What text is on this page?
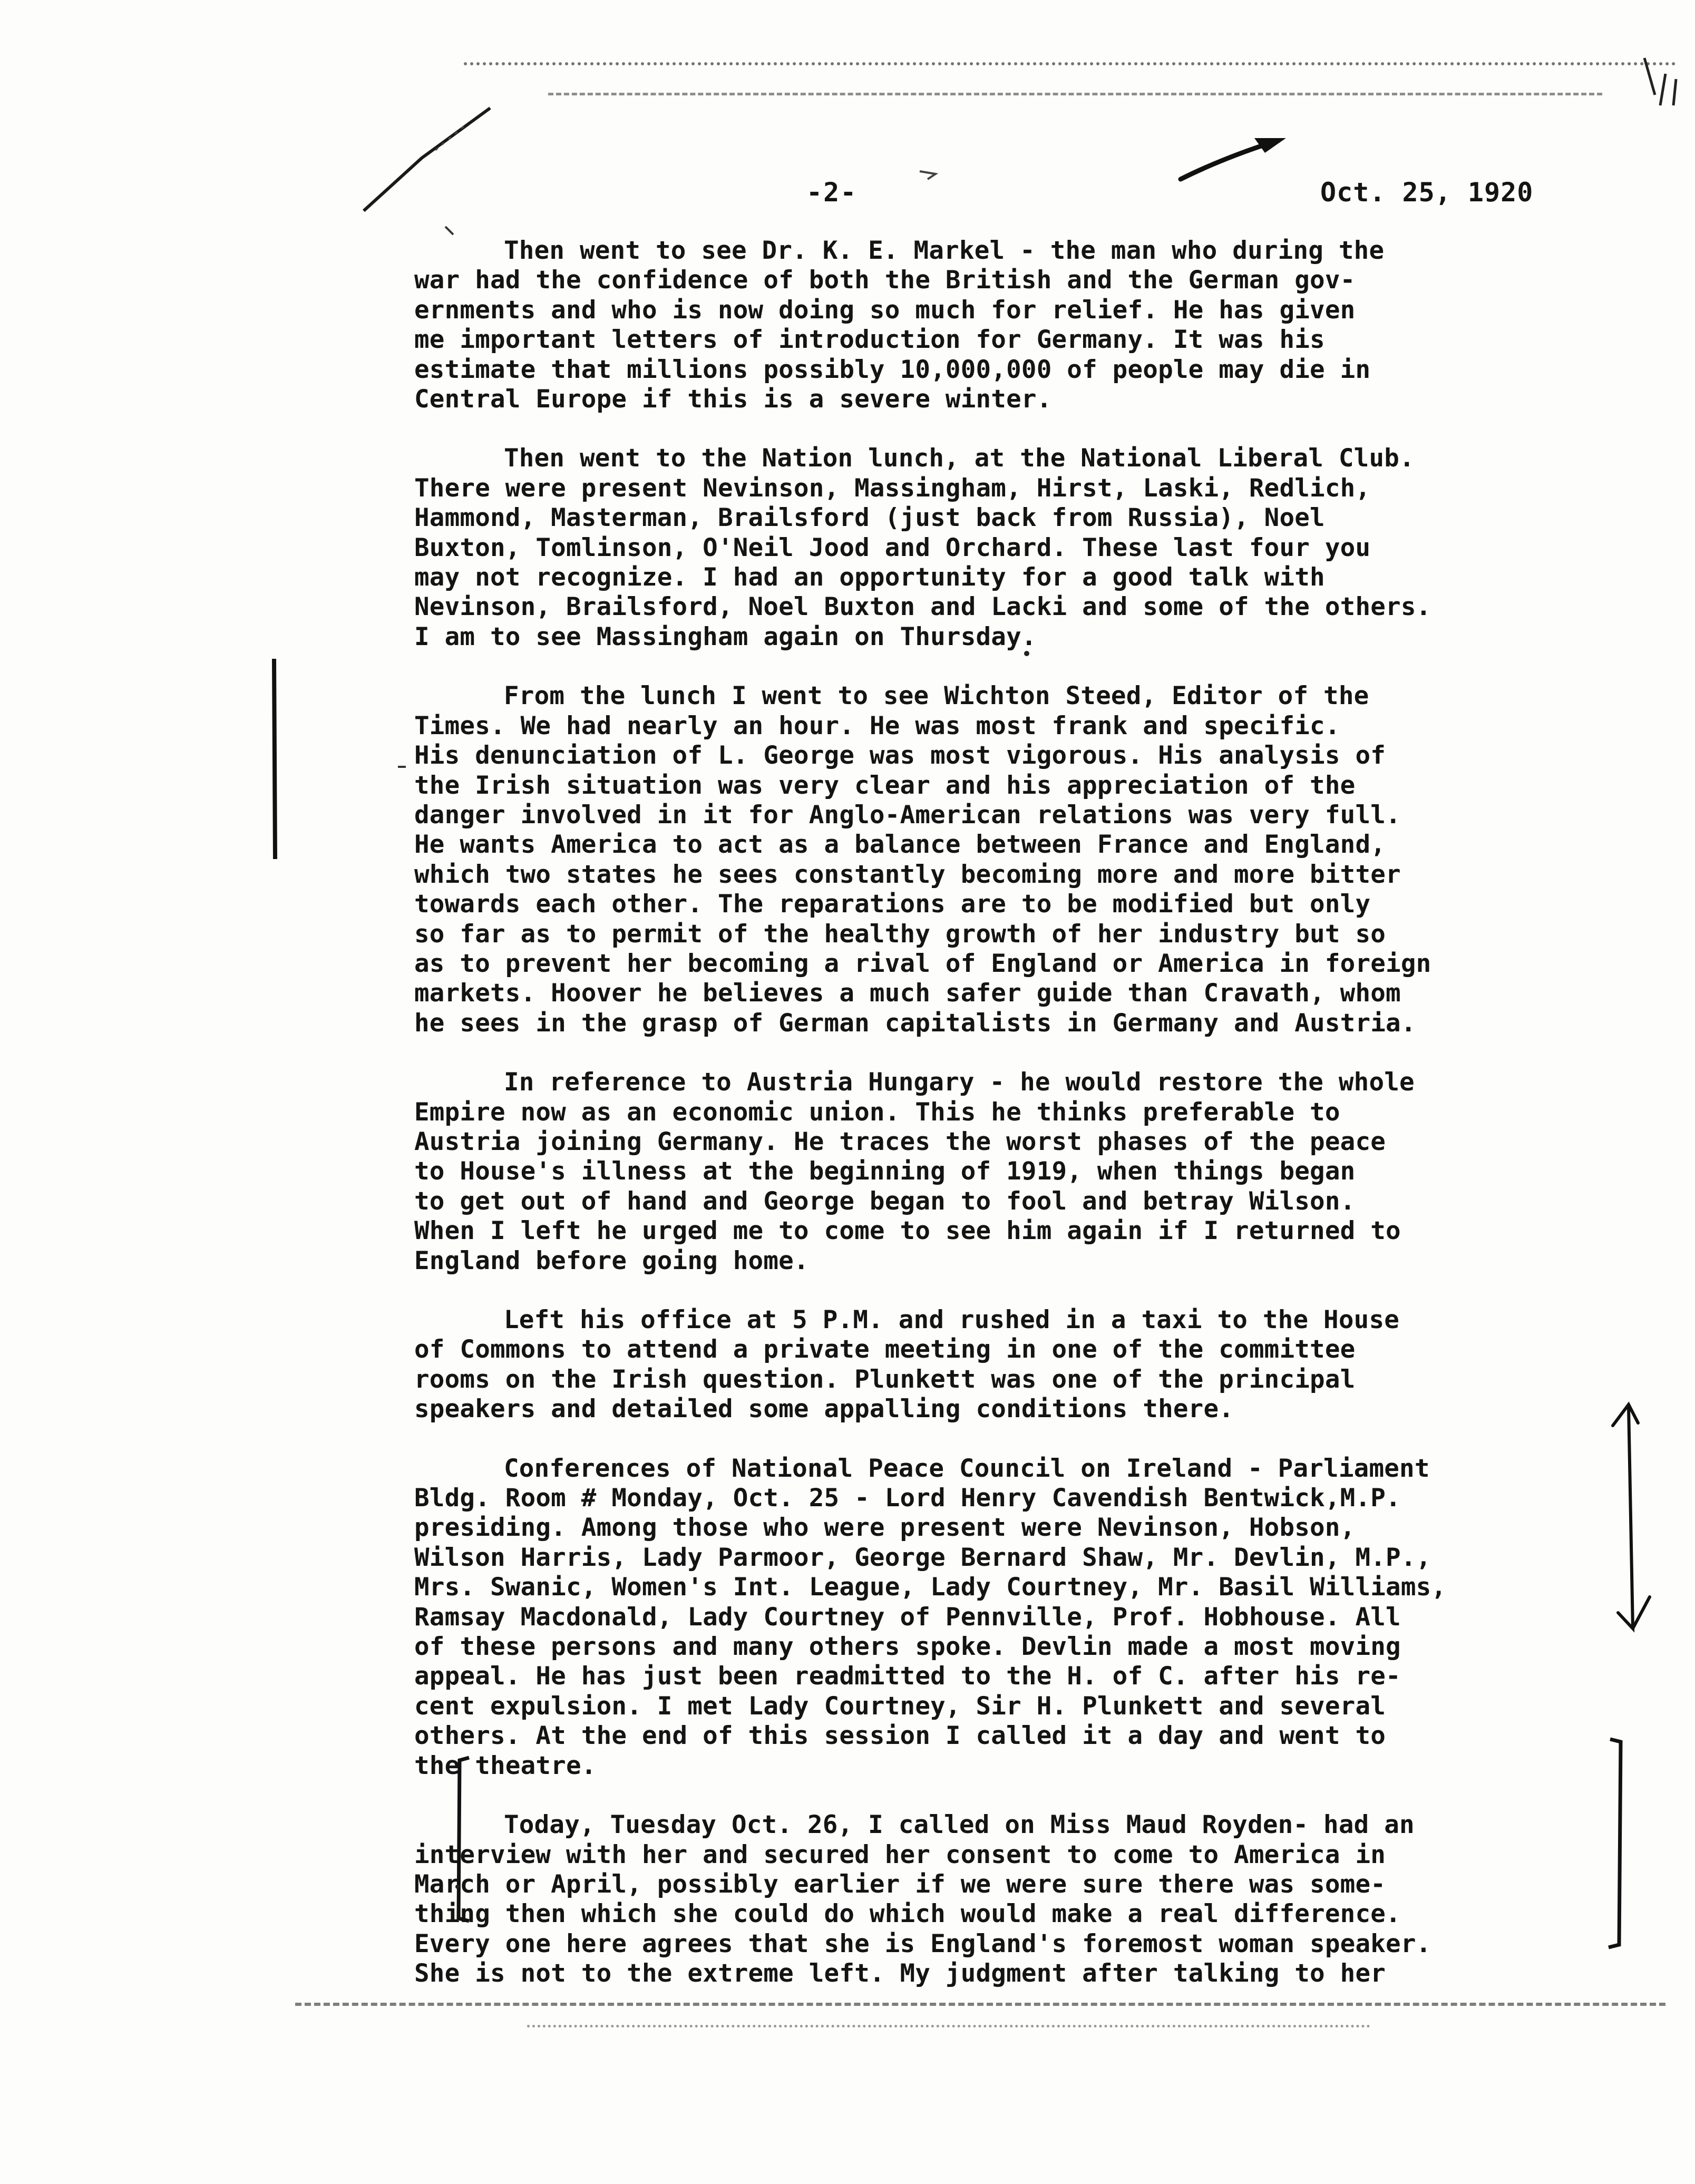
-2-	Oct. 25, 1920

Then went to see Dr. K. E. Markel - the man who during the
war had the confidence of both the British and the German gov-
ernments and who is now doing so much for relief. He has given
me important letters of introduction for Germany. It was his
estimate that millions possibly 10,000,000 of people may die in
Central Europe if this is a severe winter.

Then went to the Nation lunch, at the National Liberal Club.
There were present Nevinson, Massingham, Hirst, Laski, Redlich,
Hammond, Masterman, Brailsford (just back from Russia), Noel
Buxton, Tomlinson, O'Neil Jood and Orchard. These last four you
may not recognize. I had an opportunity for a good talk with
Nevinson, Brailsford, Noel Buxton and Lacki and some of the others.
I am to see Massingham again on Thursday.

From the lunch I went to see Wichton Steed, Editor of the
Times. We had nearly an hour. He was most frank and specific.
His denunciation of L. George was most vigorous. His analysis of
the Irish situation was very clear and his appreciation of the
danger involved in it for Anglo-American relations was very full.
He wants America to act as a balance between France and England,
which two states he sees constantly becoming more and more bitter
towards each other. The reparations are to be modified but only
so far as to permit of the healthy growth of her industry but so
as to prevent her becoming a rival of England or America in foreign
markets. Hoover he believes a much safer guide than Cravath, whom
he sees in the grasp of German capitalists in Germany and Austria.

In reference to Austria Hungary - he would restore the whole
Empire now as an economic union. This he thinks preferable to
Austria joining Germany. He traces the worst phases of the peace
to House's illness at the beginning of 1919, when things began
to get out of hand and George began to fool and betray Wilson.
When I left he urged me to come to see him again if I returned to
England before going home.

Left his office at 5 P.M. and rushed in a taxi to the House
of Commons to attend a private meeting in one of the committee
rooms on the Irish question. Plunkett was one of the principal
speakers and detailed some appalling conditions there.

Conferences of National Peace Council on Ireland - Parliament
Bldg. Room # Monday, Oct. 25 - Lord Henry Cavendish Bentwick,M.P.
presiding. Among those who were present were Nevinson, Hobson,
Wilson Harris, Lady Parmoor, George Bernard Shaw, Mr. Devlin, M.P.,
Mrs. Swanic, Women's Int. League, Lady Courtney, Mr. Basil Williams,
Ramsay Macdonald, Lady Courtney of Pennville, Prof. Hobhouse. All
of these persons and many others spoke. Devlin made a most moving
appeal. He has just been readmitted to the H. of C. after his re-
cent expulsion. I met Lady Courtney, Sir H. Plunkett and several
others. At the end of this session I called it a day and went to
the theatre.

Today, Tuesday Oct. 26, I called on Miss Maud Royden- had an
interview with her and secured her consent to come to America in
March or April, possibly earlier if we were sure there was some-
thing then which she could do which would make a real difference.
Every one here agrees that she is England's foremost woman speaker.
She is not to the extreme left. My judgment after talking to her
